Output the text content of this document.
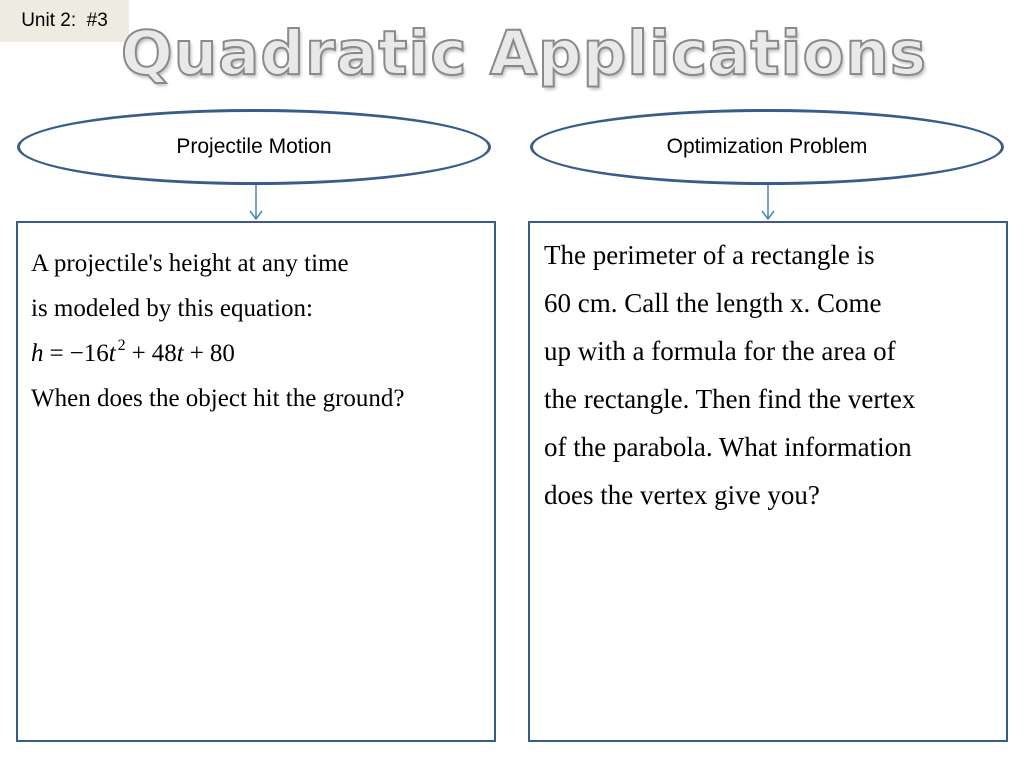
Unit 2:  #3 Quadratic Applications
Projectile Motion	Optimization Problem

A projectile's height at any time

is modeled by this equation:

h = −16t $^2$ + 48t + 80

When does the object hit the ground?

The perimeter of a rectangle is

60 cm. Call the length x. Come

up with a formula for the area of

the rectangle. Then find the vertex

of the parabola. What information

does the vertex give you?
